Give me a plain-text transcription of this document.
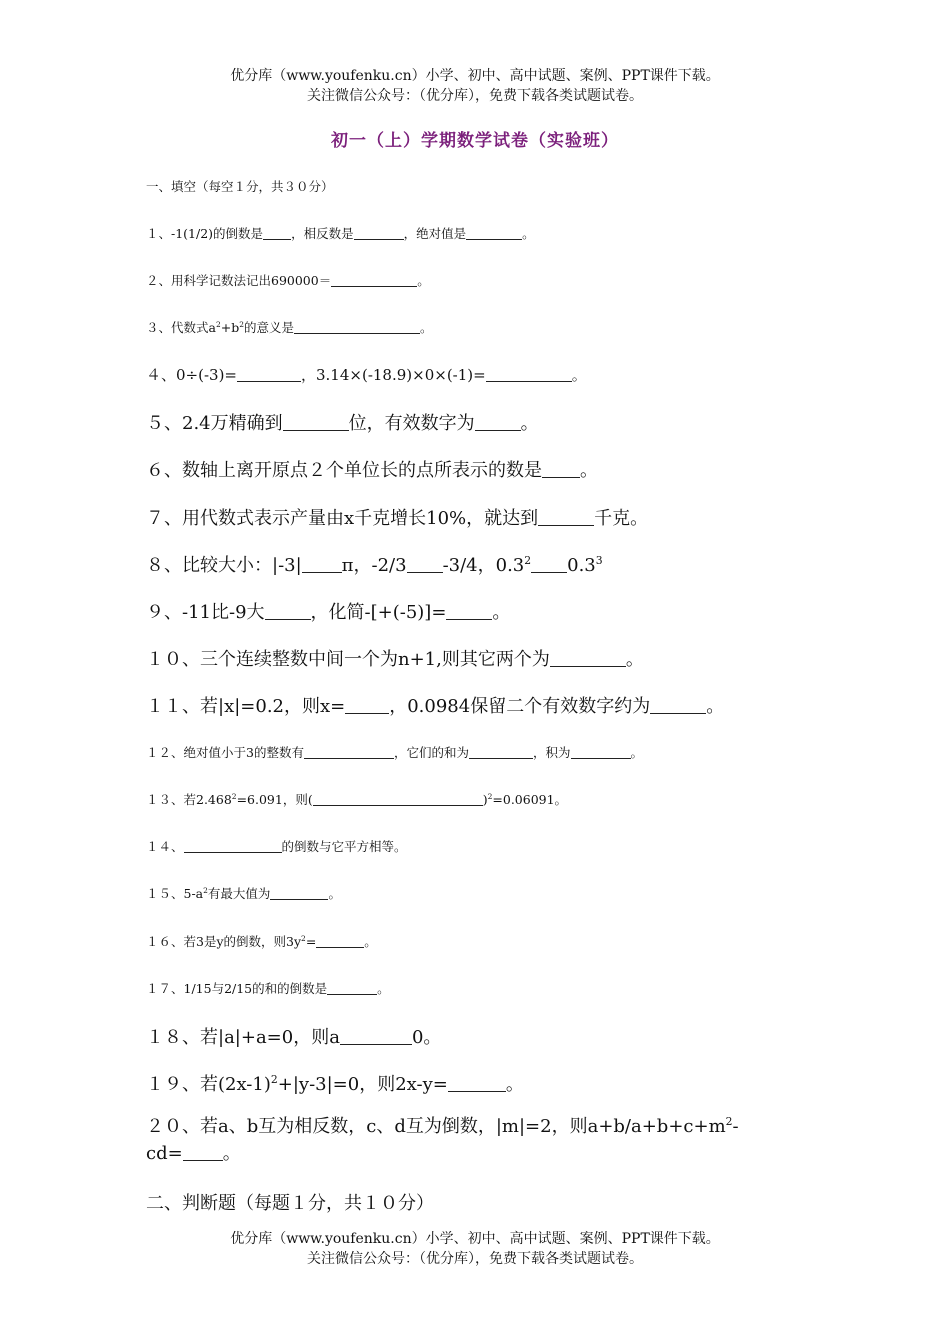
优分库（www.youfenku.cn）小学、初中、高中试题、案例、PPT课件下载。
关注微信公众号：（优分库），免费下载各类试题试卷。
初一（上）学期数学试卷（实验班）
一、填空（每空１分，共３０分）
１、-1(1/2)的倒数是 ，相反数是	，绝对值是	。
２、用科学记数法记出690000＝	。
３、代数式$a^2+b^2$的意义是	。
４、0÷(-3)=	，3.14×(-18.9)×0×(-1)=	。
５、2.4万精确到	位，有效数字为	。
６、数轴上离开原点２个单位长的点所表示的数是 。
７、用代数式表示产量由x千克增长10%，就达到	千克。
８、比较大小：|-3| π，-2/3 -3/4，$0.3^2$ $0.3^3$
９、-11比-9大	，化简-[+(-5)]=	。
１０、三个连续整数中间一个为n+1,则其它两个为	。
１１、若|x|=0.2，则x= ，0.0984保留二个有效数字约为	。
１２、绝对值小于3的整数有	，它们的和为	，积为	。
１３、若$2.468^2=6.091$，则(	)$^2$=0.06091。
１４、	的倒数与它平方相等。
１５、$5-a^2$有最大值为	。
１６、若3是y的倒数，则$3y^2=$	。
１７、1/15与2/15的和的倒数是	。
１８、若|a|+a=0，则a	0。
１９、若$(2x-1)^2+|y-3|=0$，则2x-y=	。
２０、若a、b互为相反数，c、d互为倒数，|m|=2，则$a+b/a+b+c+m^2-cd=$ 。
二、判断题（每题１分，共１０分）
优分库（www.youfenku.cn）小学、初中、高中试题、案例、PPT课件下载。
关注微信公众号：（优分库），免费下载各类试题试卷。
